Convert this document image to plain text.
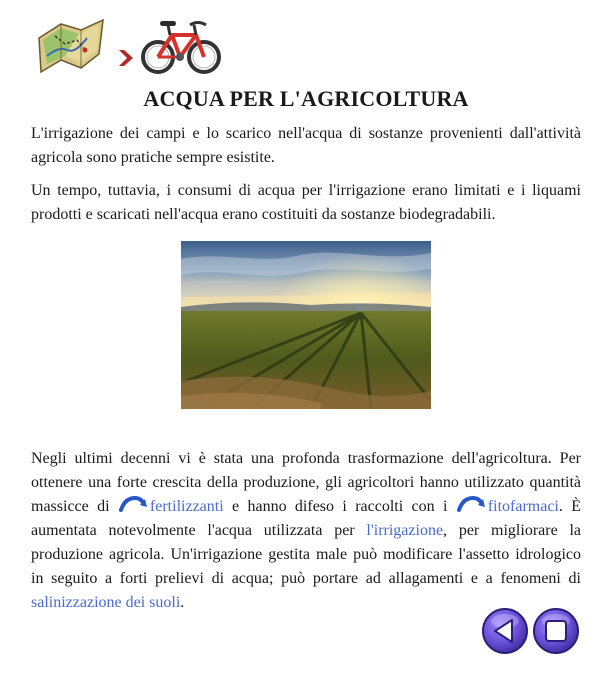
ACQUA PER L'AGRICOLTURA

L'irrigazione dei campi e lo scarico nell'acqua di sostanze provenienti dall'attività agricola sono pratiche sempre esistite.

Un tempo, tuttavia, i consumi di acqua per l'irrigazione erano limitati e i liquami prodotti e scaricati nell'acqua erano costituiti da sostanze biodegradabili.

Negli ultimi decenni vi è stata una profonda trasformazione dell'agricoltura. Per ottenere una forte crescita della produzione, gli agricoltori hanno utilizzato quantità massicce di fertilizzanti e hanno difeso i raccolti con i fitofarmaci. È aumentata notevolmente l'acqua utilizzata per l'irrigazione, per migliorare la produzione agricola. Un'irrigazione gestita male può modificare l'assetto idrologico in seguito a forti prelievi di acqua; può portare ad allagamenti e a fenomeni di salinizzazione dei suoli.
